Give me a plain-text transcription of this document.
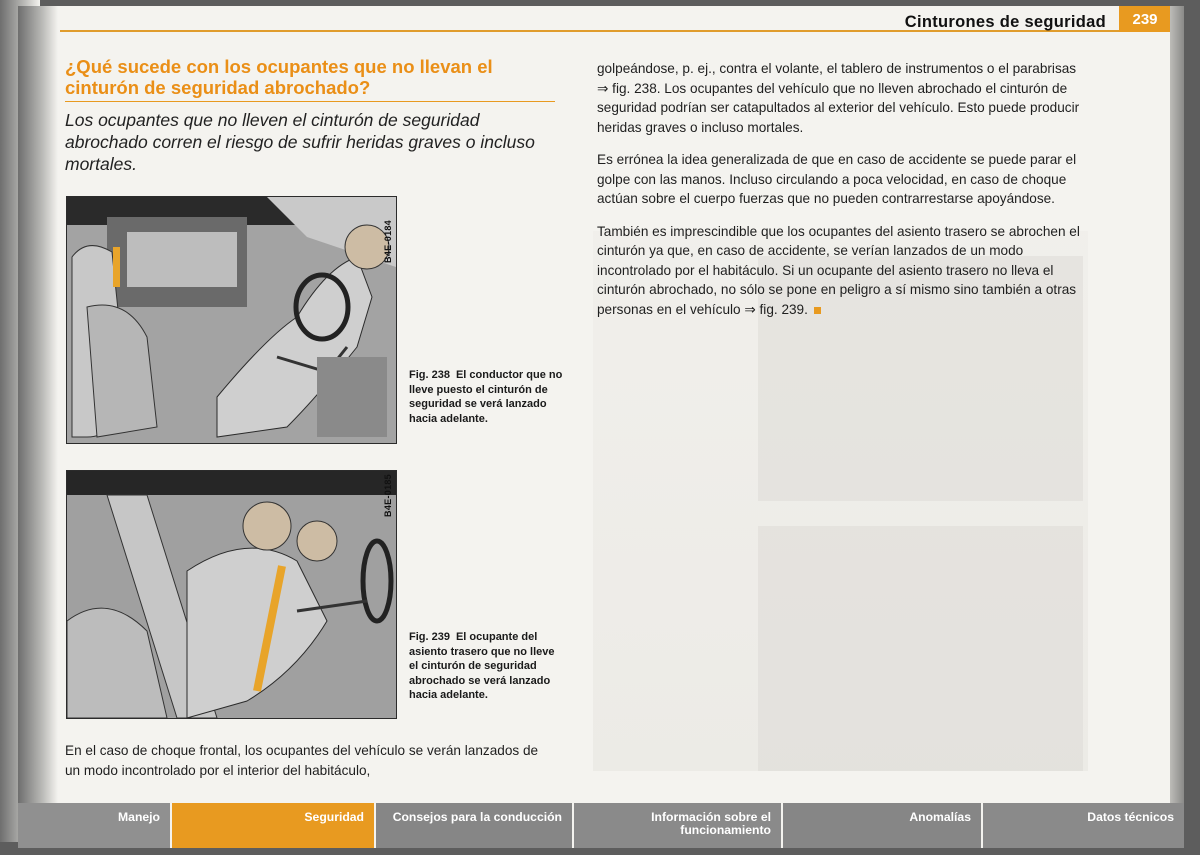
Cinturones de seguridad	239
¿Qué sucede con los ocupantes que no llevan el cinturón de seguridad abrochado?
Los ocupantes que no lleven el cinturón de seguridad abrochado corren el riesgo de sufrir heridas graves o incluso mortales.
B4E-0184
Fig. 238 El conductor que no lleve puesto el cinturón de seguridad se verá lanzado hacia adelante.
B4E-0185
Fig. 239 El ocupante del asiento trasero que no lleve el cinturón de seguridad abrochado se verá lanzado hacia adelante.
En el caso de choque frontal, los ocupantes del vehículo se verán lanzados de un modo incontrolado por el interior del habitáculo,

golpeándose, p. ej., contra el volante, el tablero de instrumentos o el parabrisas ⇒ fig. 238. Los ocupantes del vehículo que no lleven abrochado el cinturón de seguridad podrían ser catapultados al exterior del vehículo. Esto puede producir heridas graves o incluso mortales.

Es errónea la idea generalizada de que en caso de accidente se puede parar el golpe con las manos. Incluso circulando a poca velocidad, en caso de choque actúan sobre el cuerpo fuerzas que no pueden contrarrestarse apoyándose.

También es imprescindible que los ocupantes del asiento trasero se abrochen el cinturón ya que, en caso de accidente, se verían lanzados de un modo incontrolado por el habitáculo. Si un ocupante del asiento trasero no lleva el cinturón abrochado, no sólo se pone en peligro a sí mismo sino también a otras personas en el vehículo ⇒ fig. 239.

Manejo	Seguridad	Consejos para la conducción	Información sobre el funcionamiento
Anomalías	Datos técnicos
